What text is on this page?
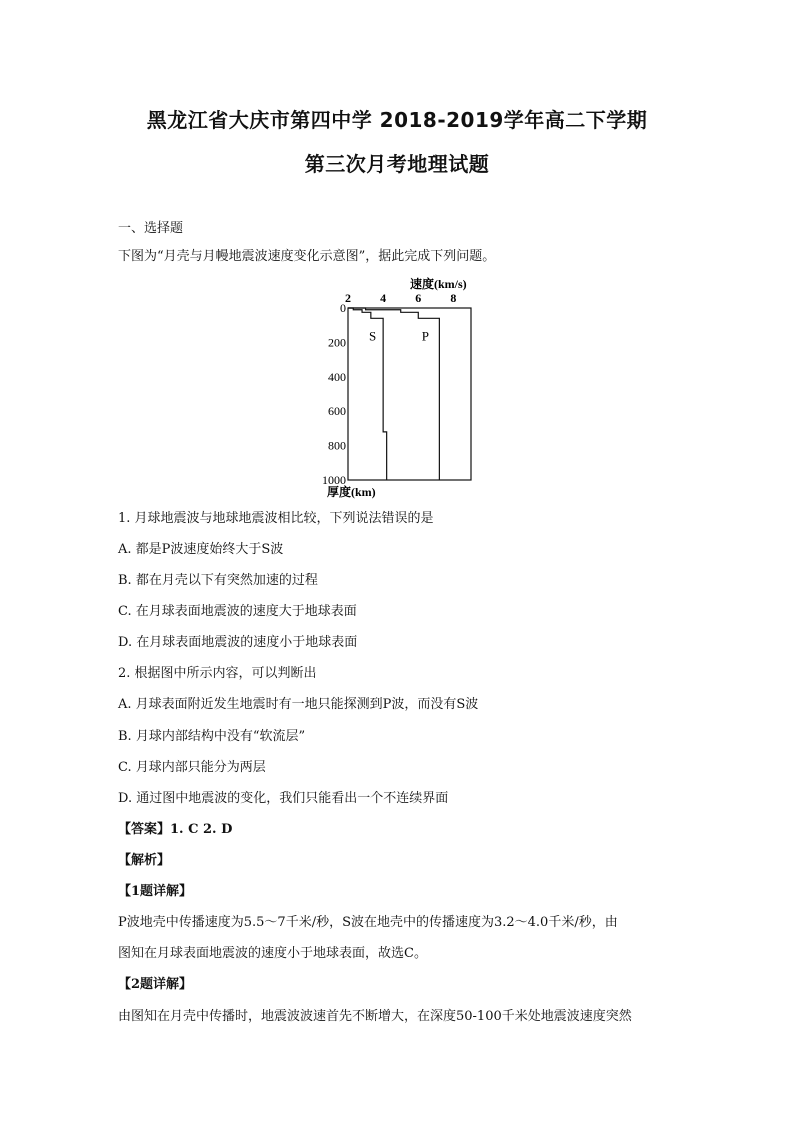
黑龙江省大庆市第四中学 2018-2019学年高二下学期
第三次月考地理试题
一、选择题
下图为“月壳与月幔地震波速度变化示意图”，据此完成下列问题。
速度(km/s)
厚度(km)
2 4 6 8
0
200
400
600
800
1000
S	P
1. 月球地震波与地球地震波相比较，下列说法错误的是
A. 都是P波速度始终大于S波
B. 都在月壳以下有突然加速的过程
C. 在月球表面地震波的速度大于地球表面
D. 在月球表面地震波的速度小于地球表面
2. 根据图中所示内容，可以判断出
A. 月球表面附近发生地震时有一地只能探测到P波，而没有S波
B. 月球内部结构中没有“软流层”
C. 月球内部只能分为两层
D. 通过图中地震波的变化，我们只能看出一个不连续界面
【答案】1. C 2. D
【解析】
【1题详解】
P波地壳中传播速度为5.5～7千米/秒，S波在地壳中的传播速度为3.2～4.0千米/秒，由
图知在月球表面地震波的速度小于地球表面，故选C。
【2题详解】
由图知在月壳中传播时，地震波波速首先不断增大，在深度50-100千米处地震波速度突然
